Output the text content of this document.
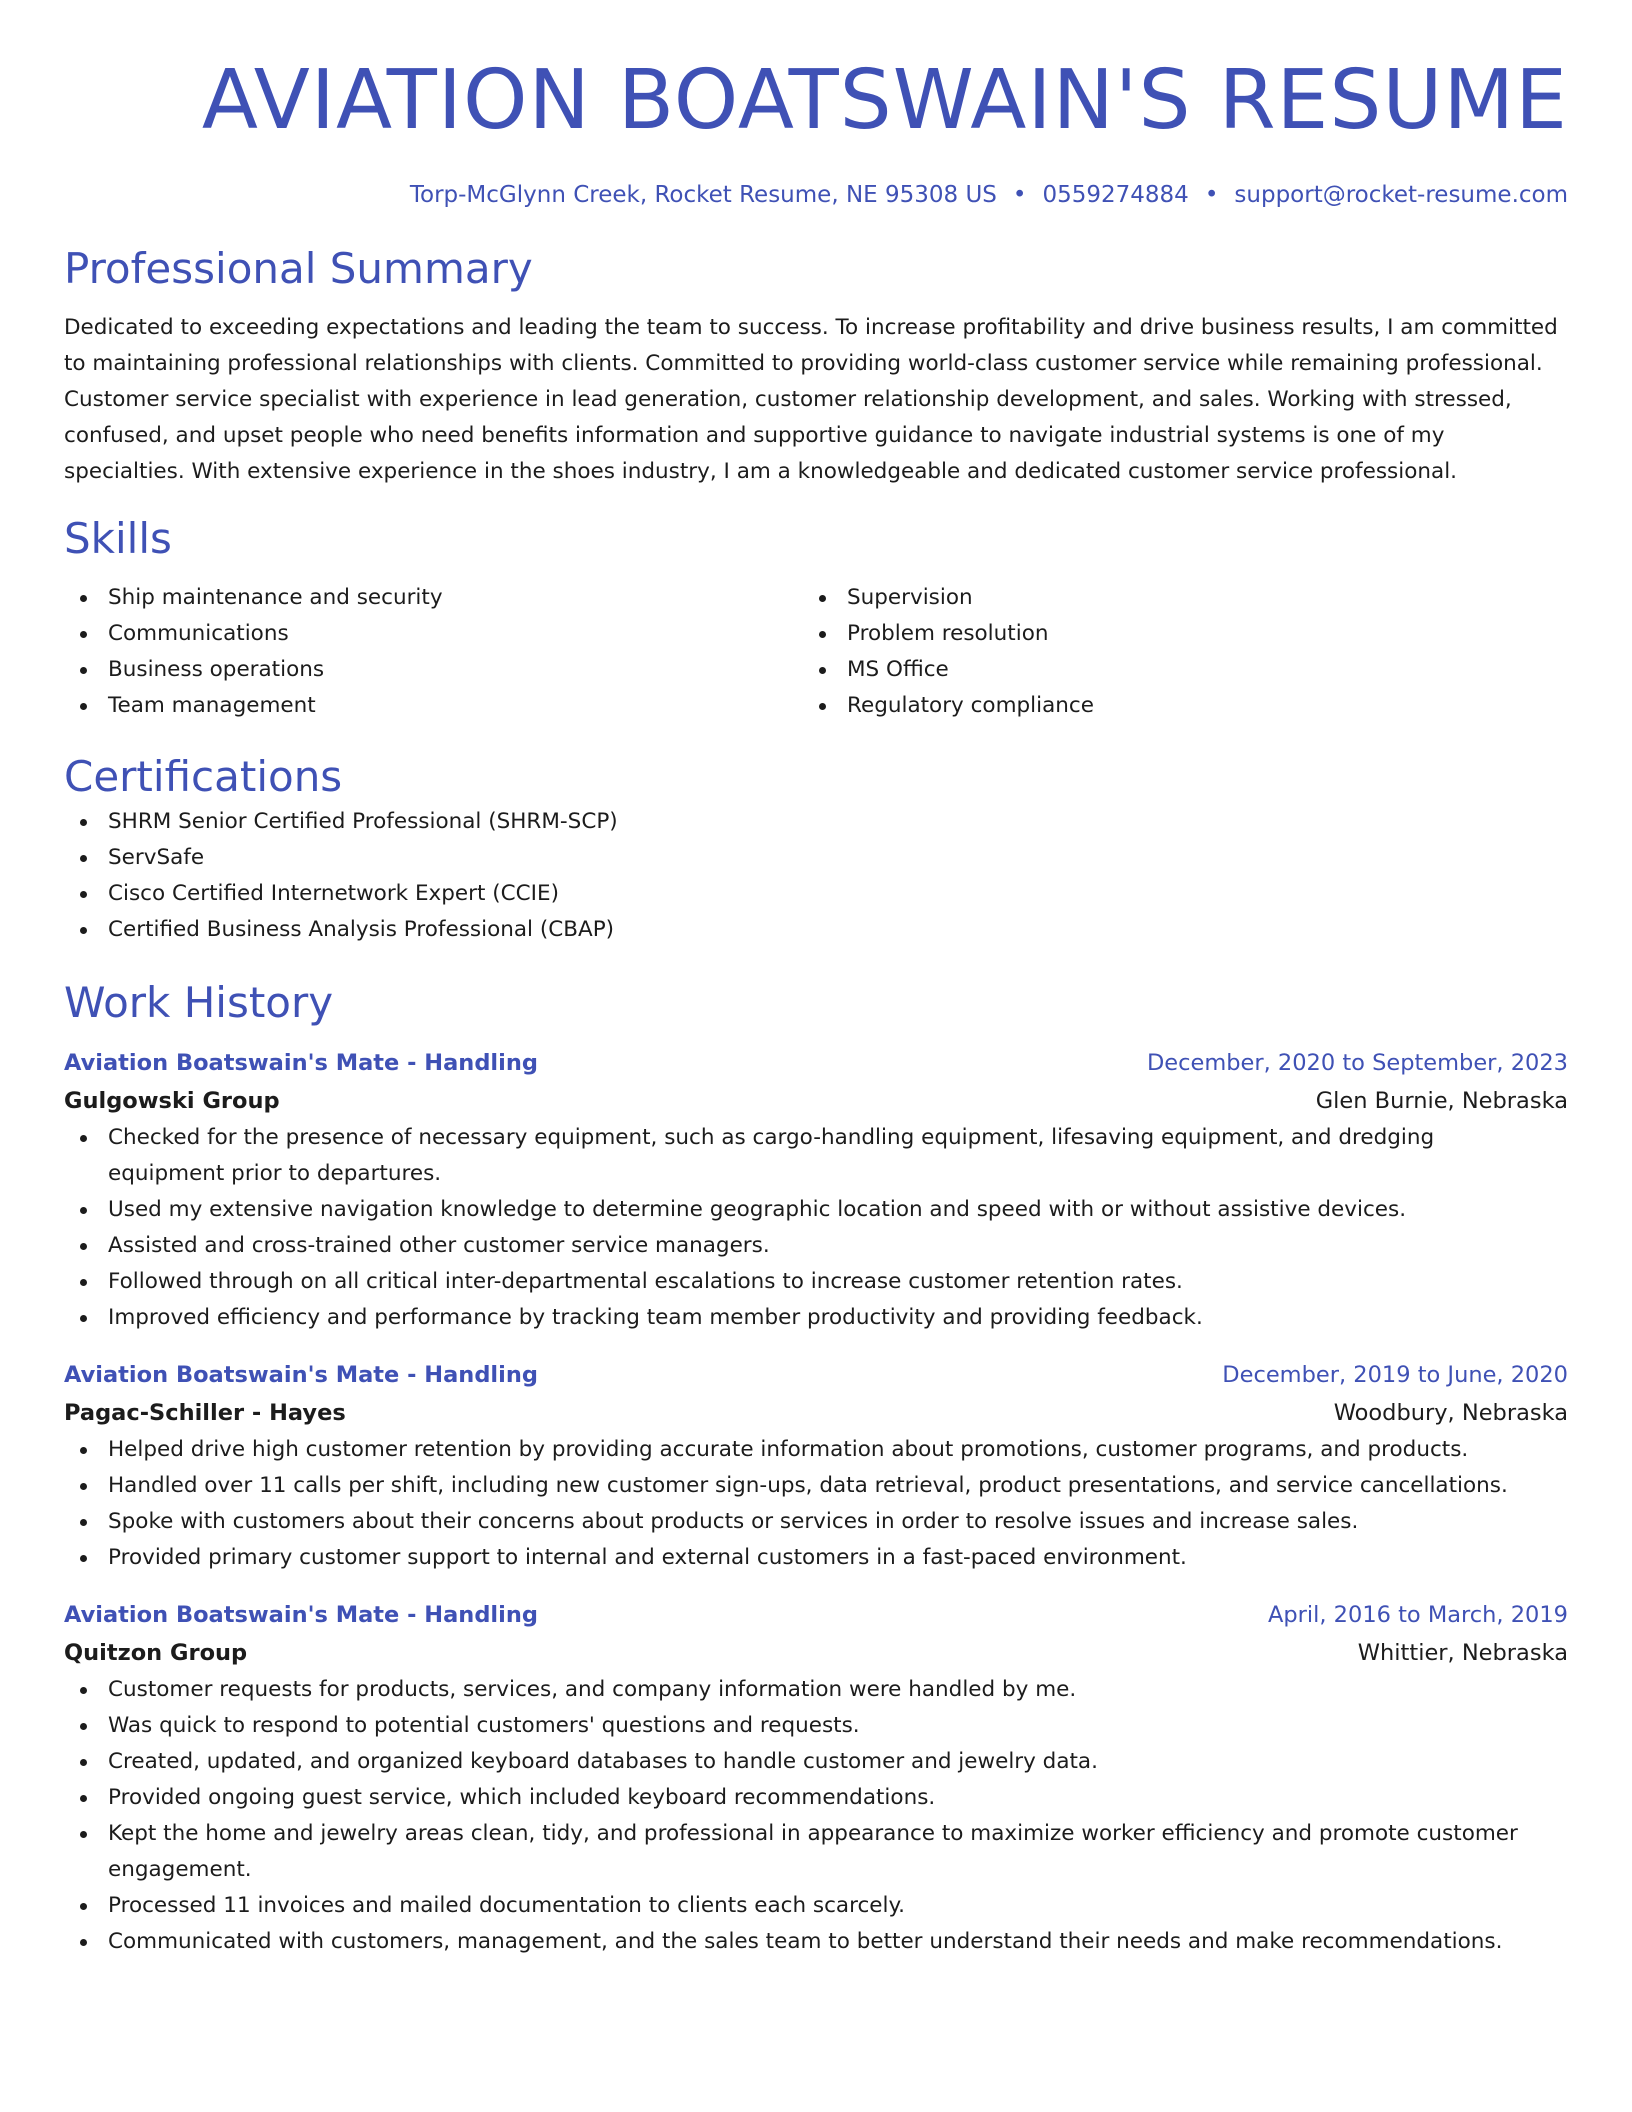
AVIATION BOATSWAIN'S RESUME
Torp-McGlynn Creek, Rocket Resume, NE 95308 US • 0559274884 • support@rocket-resume.com
Professional Summary

Dedicated to exceeding expectations and leading the team to success. To increase profitability and drive business results, I am committed to maintaining professional relationships with clients. Committed to providing world-class customer service while remaining professional. Customer service specialist with experience in lead generation, customer relationship development, and sales. Working with stressed, confused, and upset people who need benefits information and supportive guidance to navigate industrial systems is one of my specialties. With extensive experience in the shoes industry, I am a knowledgeable and dedicated customer service professional.

Skills
Ship maintenance and security
Communications
Business operations
Team management
Supervision
Problem resolution
MS Office
Regulatory compliance
Certifications
SHRM Senior Certified Professional (SHRM-SCP)
ServSafe
Cisco Certified Internetwork Expert (CCIE)
Certified Business Analysis Professional (CBAP)
Work History
Aviation Boatswain's Mate - Handling	December, 2020 to September, 2023
Gulgowski Group	Glen Burnie, Nebraska
Checked for the presence of necessary equipment, such as cargo-handling equipment, lifesaving equipment, and dredging equipment prior to departures.
Used my extensive navigation knowledge to determine geographic location and speed with or without assistive devices.
Assisted and cross-trained other customer service managers.
Followed through on all critical inter-departmental escalations to increase customer retention rates.
Improved efficiency and performance by tracking team member productivity and providing feedback.
Aviation Boatswain's Mate - Handling	December, 2019 to June, 2020
Pagac-Schiller - Hayes	Woodbury, Nebraska
Helped drive high customer retention by providing accurate information about promotions, customer programs, and products.
Handled over 11 calls per shift, including new customer sign-ups, data retrieval, product presentations, and service cancellations.
Spoke with customers about their concerns about products or services in order to resolve issues and increase sales.
Provided primary customer support to internal and external customers in a fast-paced environment.
Aviation Boatswain's Mate - Handling	April, 2016 to March, 2019
Quitzon Group	Whittier, Nebraska
Customer requests for products, services, and company information were handled by me.
Was quick to respond to potential customers' questions and requests.
Created, updated, and organized keyboard databases to handle customer and jewelry data.
Provided ongoing guest service, which included keyboard recommendations.
Kept the home and jewelry areas clean, tidy, and professional in appearance to maximize worker efficiency and promote customer engagement.
Processed 11 invoices and mailed documentation to clients each scarcely.
Communicated with customers, management, and the sales team to better understand their needs and make recommendations.
